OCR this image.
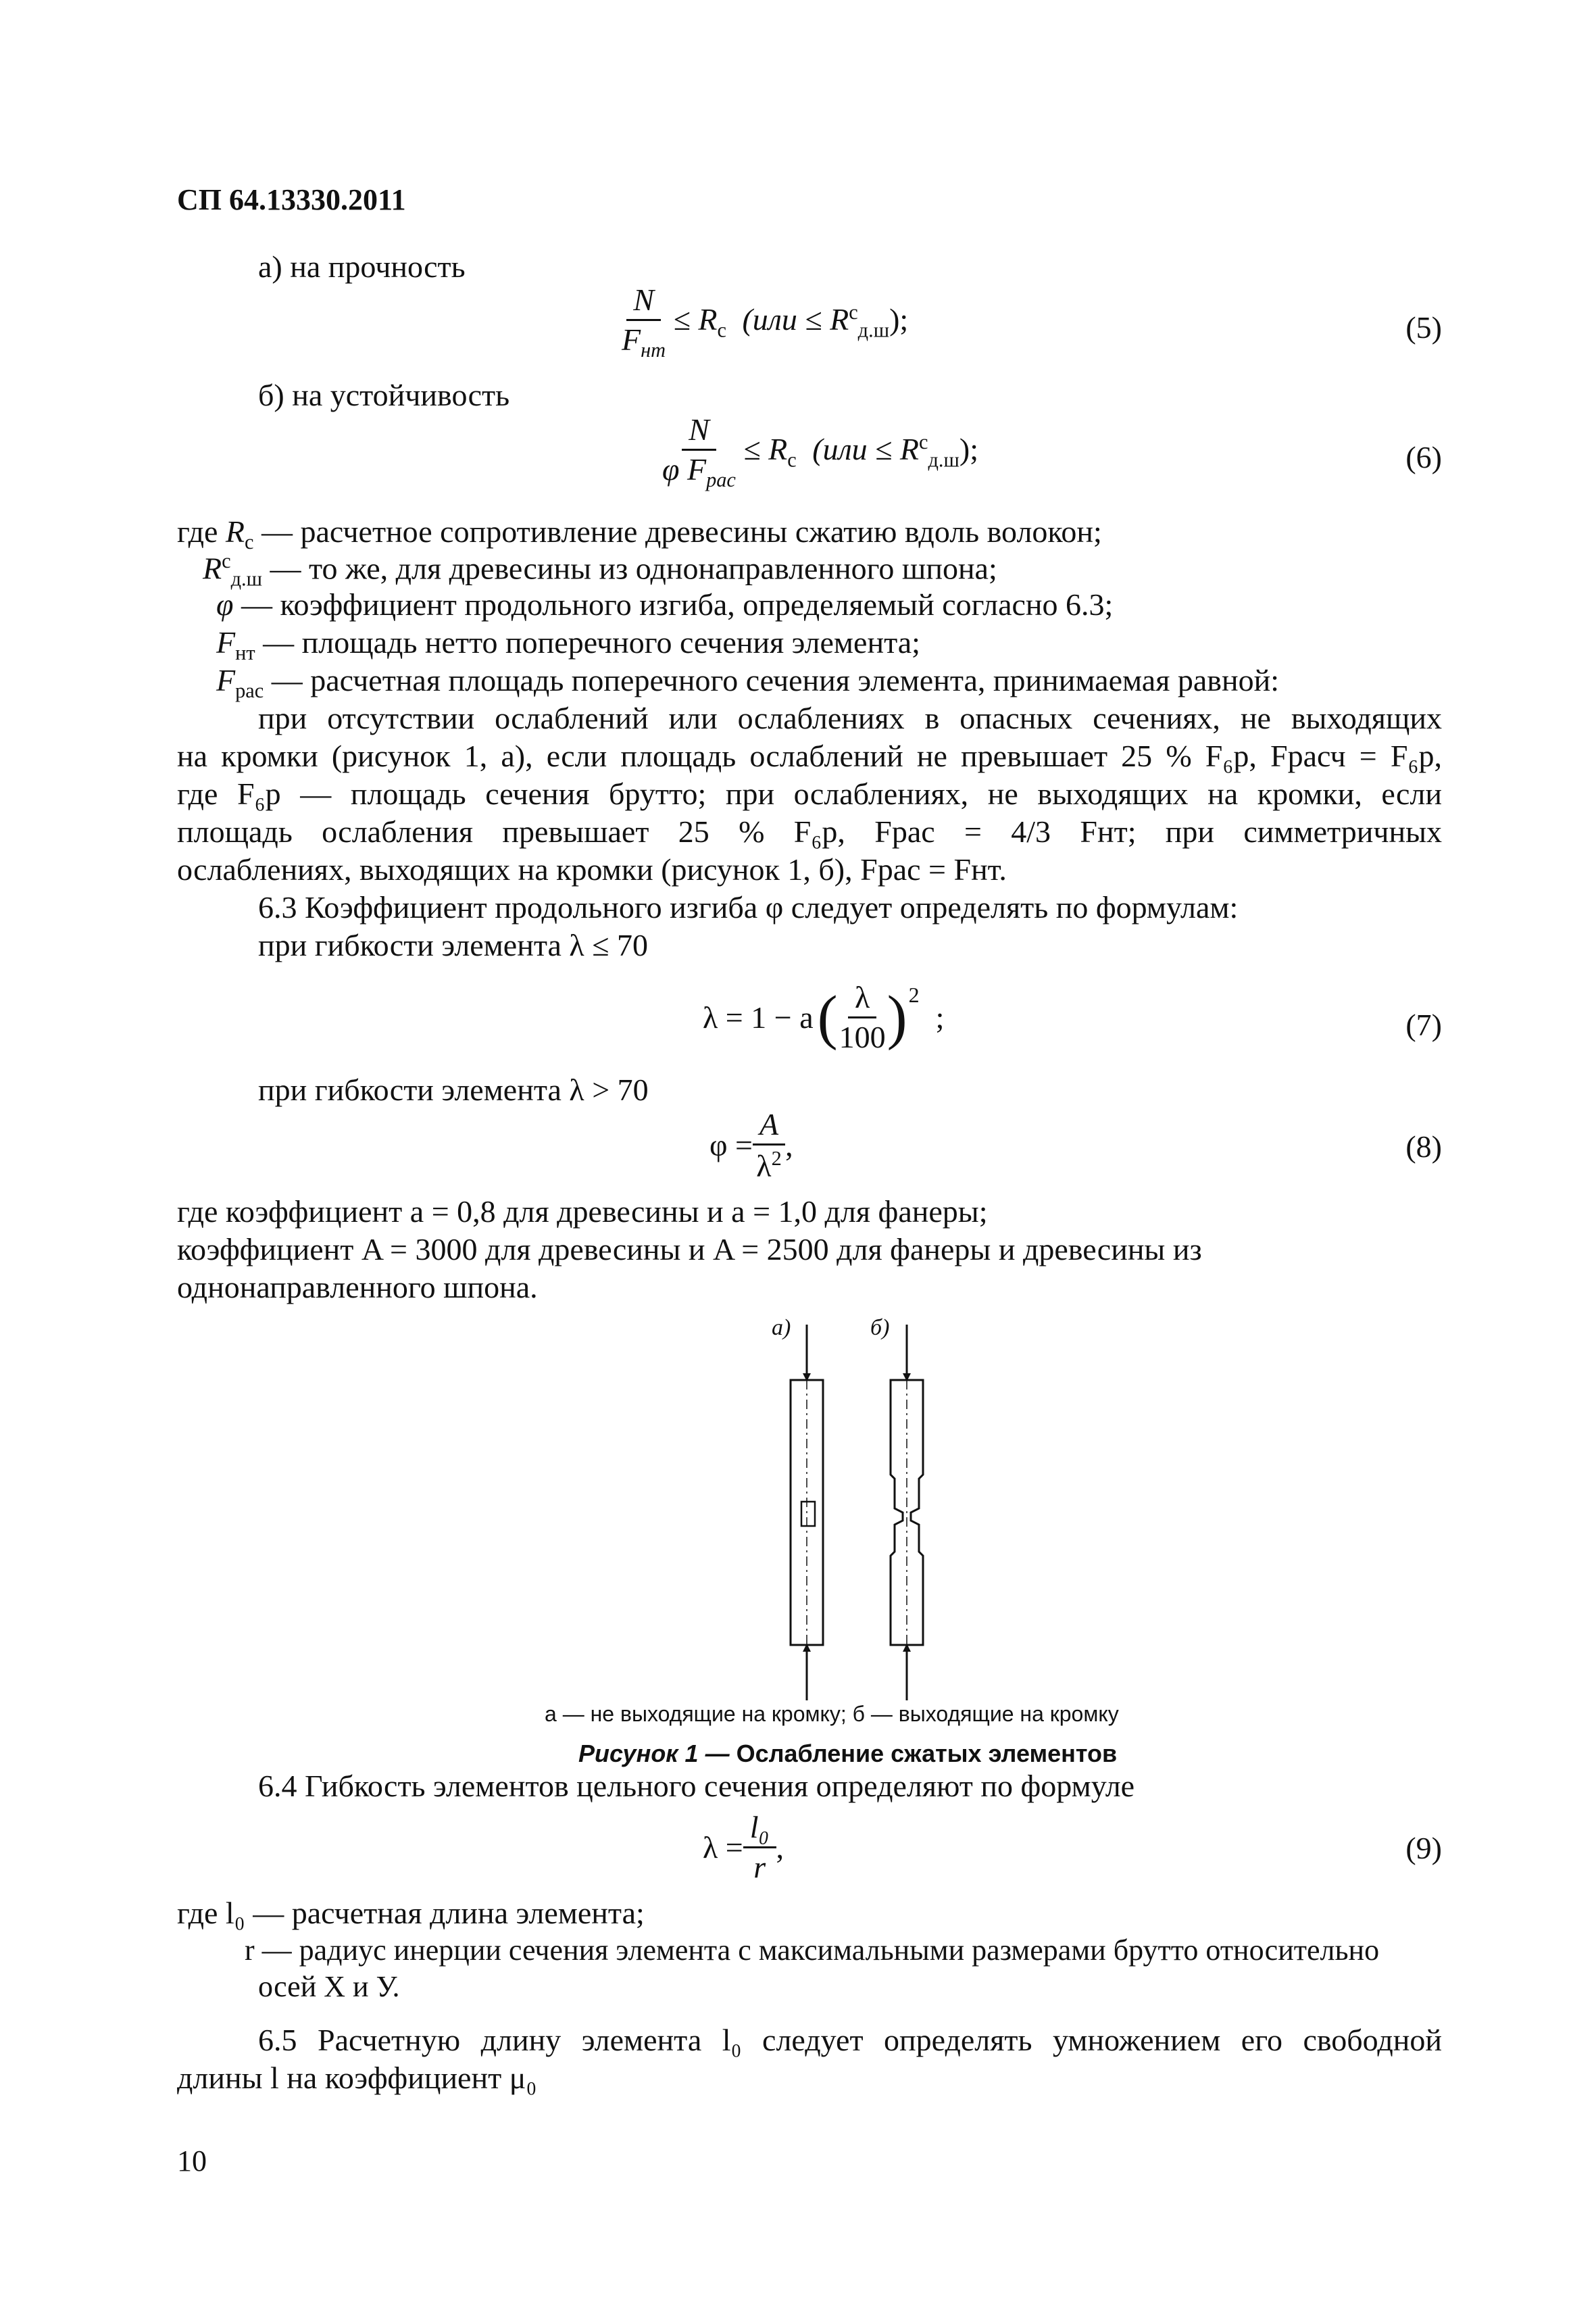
СП 64.13330.2011
а) на прочность
$\frac{N}{F_{нт}} \le R_с$ $(или \le R^с_{д.ш})$;	(5)
б) на устойчивость
$\frac{N}{\varphi F_{рас}} \le R_с$ $(или \le R^с_{д.ш})$;	(6)
где $R_с$ — расчетное сопротивление древесины сжатию вдоль волокон;
$R^с_{д.ш}$ — то же, для древесины из однонаправленного шпона;
φ — коэффициент продольного изгиба, определяемый согласно 6.3;
$F_{нт}$ — площадь нетто поперечного сечения элемента;
$F_{рас}$ — расчетная площадь поперечного сечения элемента, принимаемая равной:
при отсутствии ослаблений или ослаблениях в опасных сечениях, не выходящих
на кромки (рисунок 1, а), если площадь ослаблений не превышает 25 % F₆р, Fрасч = F₆р,
где F₆р — площадь сечения брутто; при ослаблениях, не выходящих на кромки, если
площадь ослабления превышает 25 % F₆р, Fрас = 4/3 Fнт; при симметричных
ослаблениях, выходящих на кромки (рисунок 1, б), Fрас = Fнт.
6.3 Коэффициент продольного изгиба φ следует определять по формулам:
при гибкости элемента λ ≤ 70
λ = 1 − a ( $\frac{\lambda}{100}$ ) 2
;	(7)
при гибкости элемента λ > 70
$\varphi = \frac{A}{\lambda^2}$ ,	(8)
где коэффициент a = 0,8 для древесины и a = 1,0 для фанеры;
коэффициент A = 3000 для древесины и A = 2500 для фанеры и древесины из
однонаправленного шпона.
а)	б)
а — не выходящие на кромку; б — выходящие на кромку
Рисунок 1 — Ослабление сжатых элементов
6.4 Гибкость элементов цельного сечения определяют по формуле
$\lambda = \frac{\text{l₀}}{r}$ ,	(9)
где l₀ — расчетная длина элемента;
r — радиус инерции сечения элемента с максимальными размерами брутто относительно
осей X и У.
6.5 Расчетную длину элемента l₀ следует определять умножением его свободной
длины l на коэффициент μ₀
10
